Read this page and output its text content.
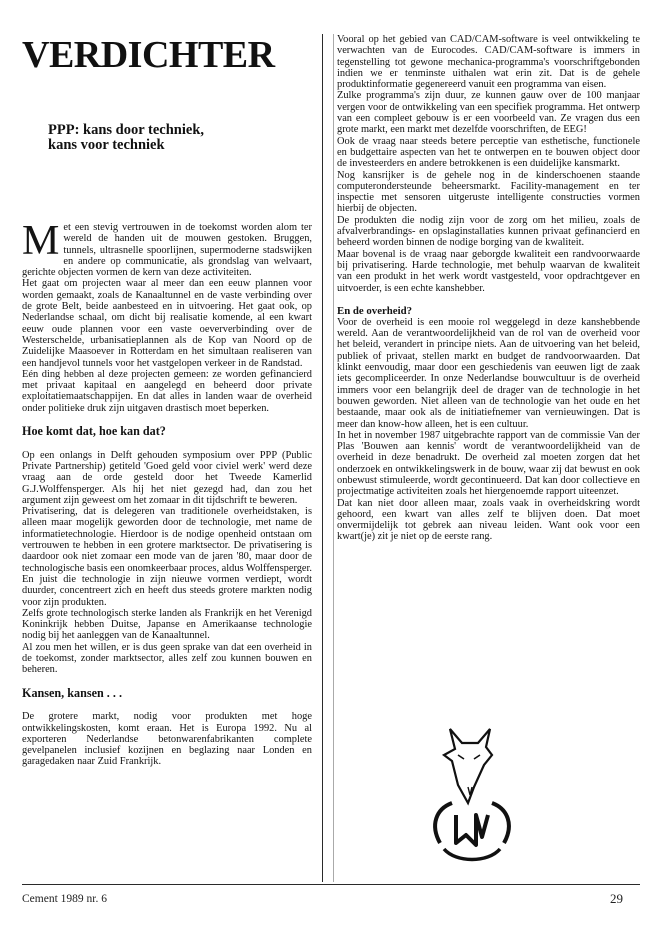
VERDICHTER
PPP: kans door techniek,
kans voor techniek
M et een stevig vertrouwen in de toekomst worden alom ter wereld de handen uit de mouwen gestoken. Bruggen, tunnels, ultrasnelle spoorlijnen, supermoderne stadswijken en andere op communicatie, als grondslag van welvaart, gerichte objecten vormen de kern van deze activiteiten.

Het gaat om projecten waar al meer dan een eeuw plannen voor worden gemaakt, zoals de Kanaaltunnel en de vaste verbinding over de grote Belt, beide aanbesteed en in uitvoering. Het gaat ook, op Nederlandse schaal, om dicht bij realisatie komende, al een kwart eeuw oude plannen voor een vaste oeververbinding over de Westerschelde, urbanisatieplannen als de Kop van Noord op de Zuidelijke Maasoever in Rotterdam en het simultaan realiseren van een handjevol tunnels voor het vastgelopen verkeer in de Randstad.

Eén ding hebben al deze projecten gemeen: ze worden gefinancierd met privaat kapitaal en aangelegd en beheerd door private exploitatiemaatschappijen. En dat alles in landen waar de overheid onder politieke druk zijn uitgaven drastisch moet beperken.

Hoe komt dat, hoe kan dat?

Op een onlangs in Delft gehouden symposium over PPP (Public Private Partnership) getiteld 'Goed geld voor civiel werk' werd deze vraag aan de orde gesteld door het Tweede Kamerlid G.J.Wolffensperger. Als hij het niet gezegd had, dan zou het argument zijn geweest om het zomaar in dit tijdschrift te beweren.

Privatisering, dat is delegeren van traditionele overheidstaken, is alleen maar mogelijk geworden door de technologie, met name de informatietechnologie. Hierdoor is de nodige openheid ontstaan om vertrouwen te hebben in een grotere marktsector. De privatisering is daardoor ook niet zomaar een mode van de jaren '80, maar door de technologische basis een onomkeerbaar proces, aldus Wolffensperger. En juist die technologie in zijn nieuwe vormen verdiept, wordt duurder, concentreert zich en heeft dus steeds grotere markten nodig voor zijn produkten.

Zelfs grote technologisch sterke landen als Frankrijk en het Verenigd Koninkrijk hebben Duitse, Japanse en Amerikaanse technologie nodig bij het aanleggen van de Kanaaltunnel.

Al zou men het willen, er is dus geen sprake van dat een overheid in de toekomst, zonder marktsector, alles zelf zou kunnen bouwen en beheren.

Kansen, kansen . . .

De grotere markt, nodig voor produkten met hoge ontwikkelingskosten, komt eraan. Het is Europa 1992. Nu al exporteren Nederlandse betonwarenfabrikanten complete gevelpanelen inclusief kozijnen en beglazing naar Londen en garagedaken naar Zuid Frankrijk.

Vooral op het gebied van CAD/CAM-software is veel ontwikkeling te verwachten van de Eurocodes. CAD/CAM-software is immers in tegenstelling tot gewone mechanica-programma's voorschriftgebonden indien we er tenminste uithalen wat erin zit. Dat is de gehele produktinformatie gegenereerd vanuit een programma van eisen.

Zulke programma's zijn duur, ze kunnen gauw over de 100 manjaar vergen voor de ontwikkeling van een specifiek programma. Het ontwerp van een compleet gebouw is er een voorbeeld van. Ze vragen dus een grote markt, een markt met dezelfde voorschriften, de EEG!

Ook de vraag naar steeds betere perceptie van esthetische, functionele en budgettaire aspecten van het te ontwerpen en te bouwen object door de investeerders en andere betrokkenen is een duidelijke kansmarkt.

Nog kansrijker is de gehele nog in de kinderschoenen staande computerondersteunde beheersmarkt. Facility-management en ter inspectie met sensoren uitgeruste intelligente constructies vormen hierbij de objecten.

De produkten die nodig zijn voor de zorg om het milieu, zoals de afvalverbrandings- en opslaginstallaties kunnen privaat gefinancierd en beheerd worden binnen de nodige borging van de kwaliteit.

Maar bovenal is de vraag naar geborgde kwaliteit een randvoorwaarde bij privatisering. Harde technologie, met behulp waarvan de kwaliteit van een produkt in het werk wordt vastgesteld, voor opdrachtgever en uitvoerder, is een echte kanshebber.

En de overheid?

Voor de overheid is een mooie rol weggelegd in deze kanshebbende wereld. Aan de verantwoordelijkheid van de rol van de overheid voor het beleid, verandert in principe niets. Aan de uitvoering van het beleid, publiek of privaat, stellen markt en budget de randvoorwaarden. Dat klinkt eenvoudig, maar door een geschiedenis van eeuwen ligt de zaak iets gecompliceerder. In onze Nederlandse bouwcultuur is de overheid immers voor een belangrijk deel de drager van de technologie in het bouwen geworden. Niet alleen van de technologie van het oude en het bestaande, maar ook als de initiatiefnemer van vernieuwingen. Dat is meer dan know-how alleen, het is een cultuur.

In het in november 1987 uitgebrachte rapport van de commissie Van der Plas 'Bouwen aan kennis' wordt de verantwoordelijkheid van de overheid in deze benadrukt. De overheid zal moeten zorgen dat het onderzoek en ontwikkelingswerk in de bouw, waar zij dat bewust en ook onbewust stimuleerde, wordt gecontinueerd. Dat kan door collectieve en projectmatige activiteiten zoals het hiergenoemde rapport uiteenzet.

Dat kan niet door alleen maar, zoals vaak in overheidskring wordt gehoord, een kwart van alles zelf te blijven doen. Dat moet onvermijdelijk tot gebrek aan niveau leiden. Want ook voor een kwart(je) zit je niet op de eerste rang.

Cement 1989 nr. 6	29
